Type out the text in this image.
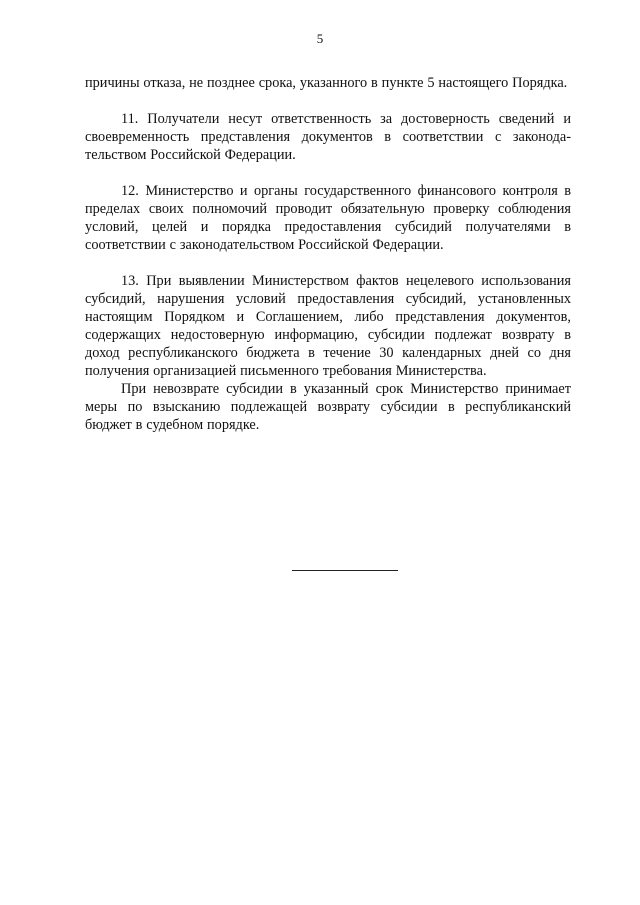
5

причины отказа, не позднее срока, указанного в пункте 5 настоящего Порядка.

11. Получатели несут ответственность за достоверность сведений и своевременность представления документов в соответствии с законодательством Российской Федерации.

12. Министерство и органы государственного финансового контроля в пределах своих полномочий проводит обязательную проверку соблюдения условий, целей и порядка предоставления субсидий получателями в соответствии с законодательством Российской Федерации.

13. При выявлении Министерством фактов нецелевого использования субсидий, нарушения условий предоставления субсидий, установленных настоящим Порядком и Соглашением, либо представления документов, содержащих недостоверную информацию, субсидии подлежат возврату в доход республиканского бюджета в течение 30 календарных дней со дня получения организацией письменного требования Министерства.

При невозврате субсидии в указанный срок Министерство принимает меры по взысканию подлежащей возврату субсидии в республиканский бюджет в судебном порядке.
